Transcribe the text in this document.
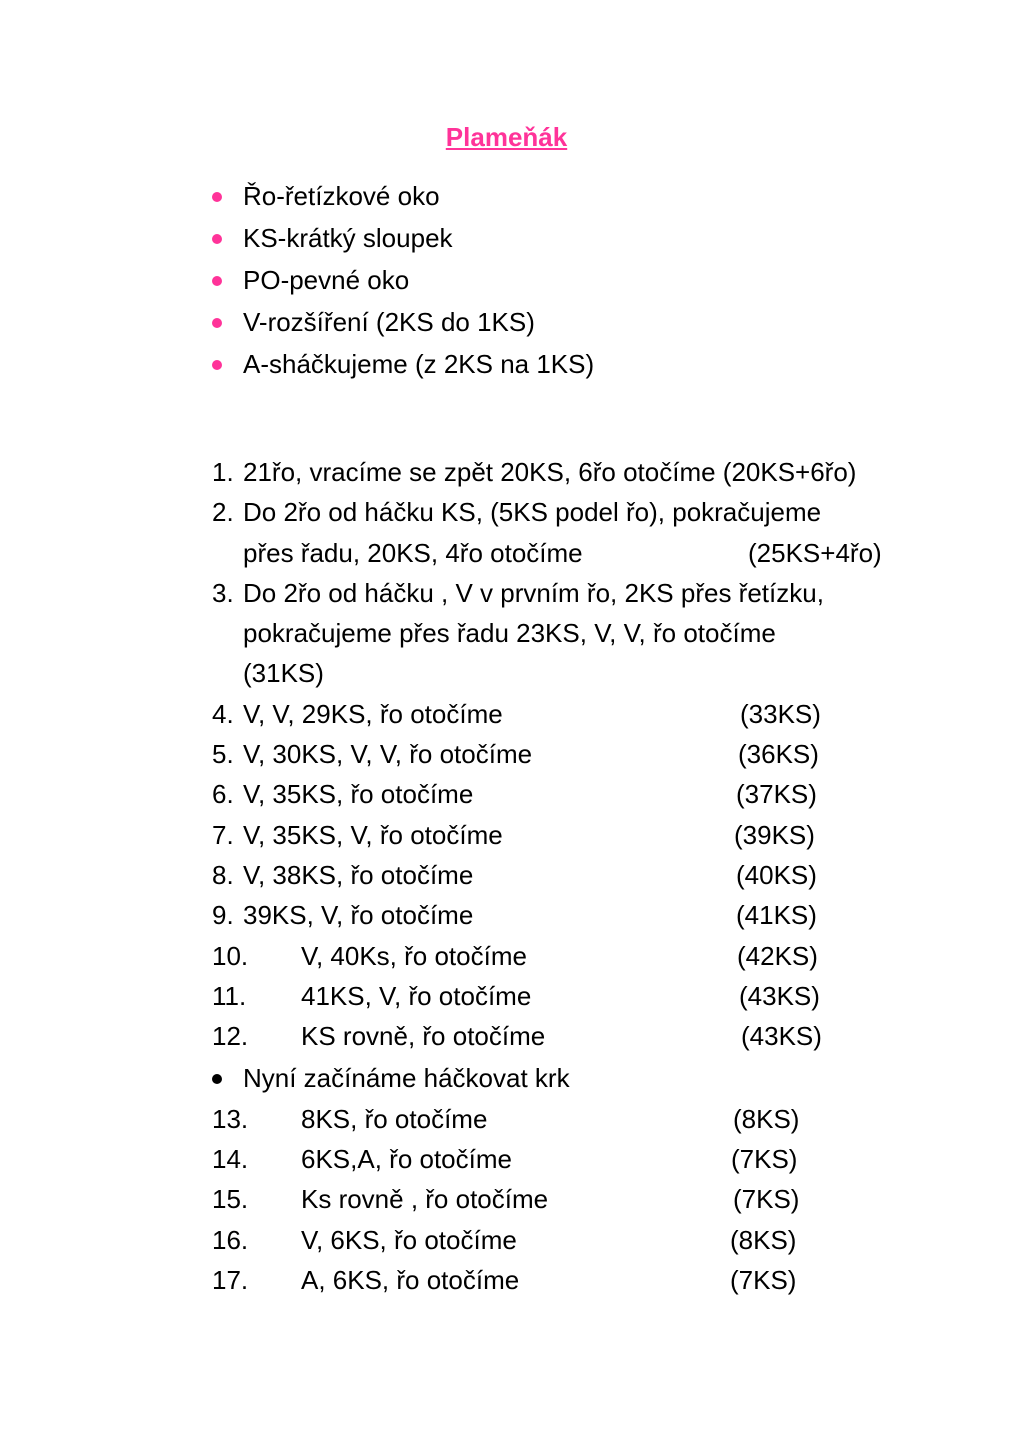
Plameňák
Řo-řetízkové oko
KS-krátký sloupek
PO-pevné oko
V-rozšíření (2KS do 1KS)
A-sháčkujeme (z 2KS na 1KS)
1. 21řo, vracíme se zpět 20KS, 6řo otočíme (20KS+6řo)
2. Do 2řo od háčku KS, (5KS podel řo), pokračujeme
přes řadu, 20KS, 4řo otočíme	(25KS+4řo)
3. Do 2řo od háčku , V v prvním řo, 2KS přes řetízku,
pokračujeme přes řadu 23KS, V, V, řo otočíme
(31KS)
4. V, V, 29KS, řo otočíme	(33KS)
5. V, 30KS, V, V, řo otočíme	(36KS)
6. V, 35KS, řo otočíme	(37KS)
7. V, 35KS, V, řo otočíme	(39KS)
8. V, 38KS, řo otočíme	(40KS)
9. 39KS, V, řo otočíme	(41KS)
10. V, 40Ks, řo otočíme	(42KS)
11. 41KS, V, řo otočíme	(43KS)
12. KS rovně, řo otočíme	(43KS)
Nyní začínáme háčkovat krk
13. 8KS, řo otočíme	(8KS)
14. 6KS,A, řo otočíme	(7KS)
15. Ks rovně , řo otočíme	(7KS)
16. V, 6KS, řo otočíme	(8KS)
17. A, 6KS, řo otočíme	(7KS)
